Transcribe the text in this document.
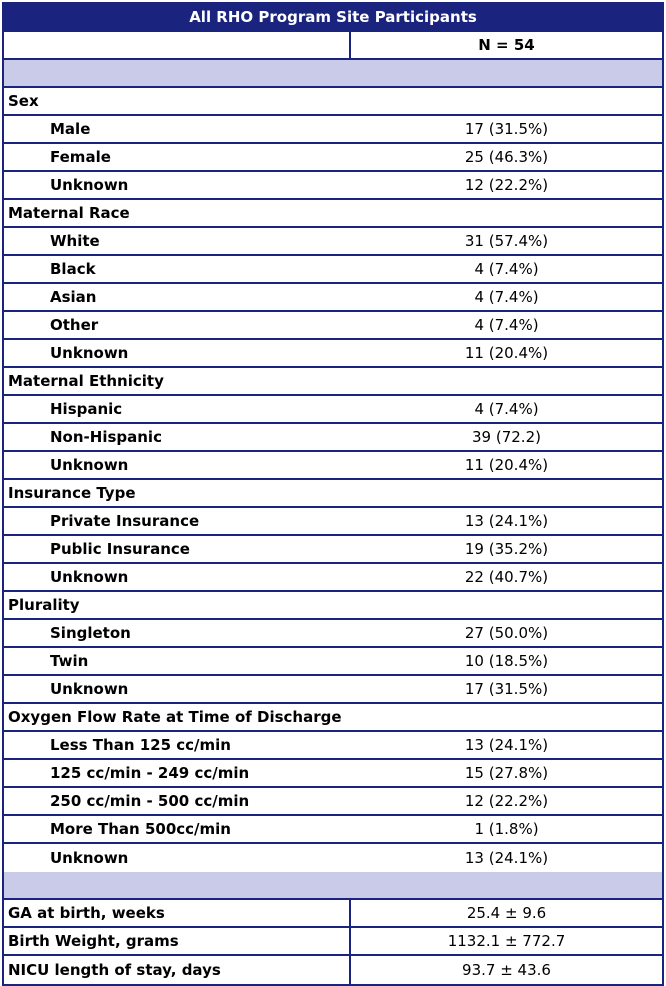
All RHO Program Site Participants
N = 54
Sex
Male	17 (31.5%)
Female	25 (46.3%)
Unknown	12 (22.2%)
Maternal Race
White	31 (57.4%)
Black	4 (7.4%)
Asian	4 (7.4%)
Other	4 (7.4%)
Unknown	11 (20.4%)
Maternal Ethnicity
Hispanic	4 (7.4%)
Non-Hispanic	39 (72.2)
Unknown	11 (20.4%)
Insurance Type
Private Insurance	13 (24.1%)
Public Insurance	19 (35.2%)
Unknown	22 (40.7%)
Plurality
Singleton	27 (50.0%)
Twin	10 (18.5%)
Unknown	17 (31.5%)
Oxygen Flow Rate at Time of Discharge
Less Than 125 cc/min	13 (24.1%)
125 cc/min - 249 cc/min	15 (27.8%)
250 cc/min - 500 cc/min	12 (22.2%)
More Than 500cc/min	1 (1.8%)
Unknown	13 (24.1%)
GA at birth, weeks	25.4 ± 9.6
Birth Weight, grams	1132.1 ± 772.7
NICU length of stay, days	93.7 ± 43.6
